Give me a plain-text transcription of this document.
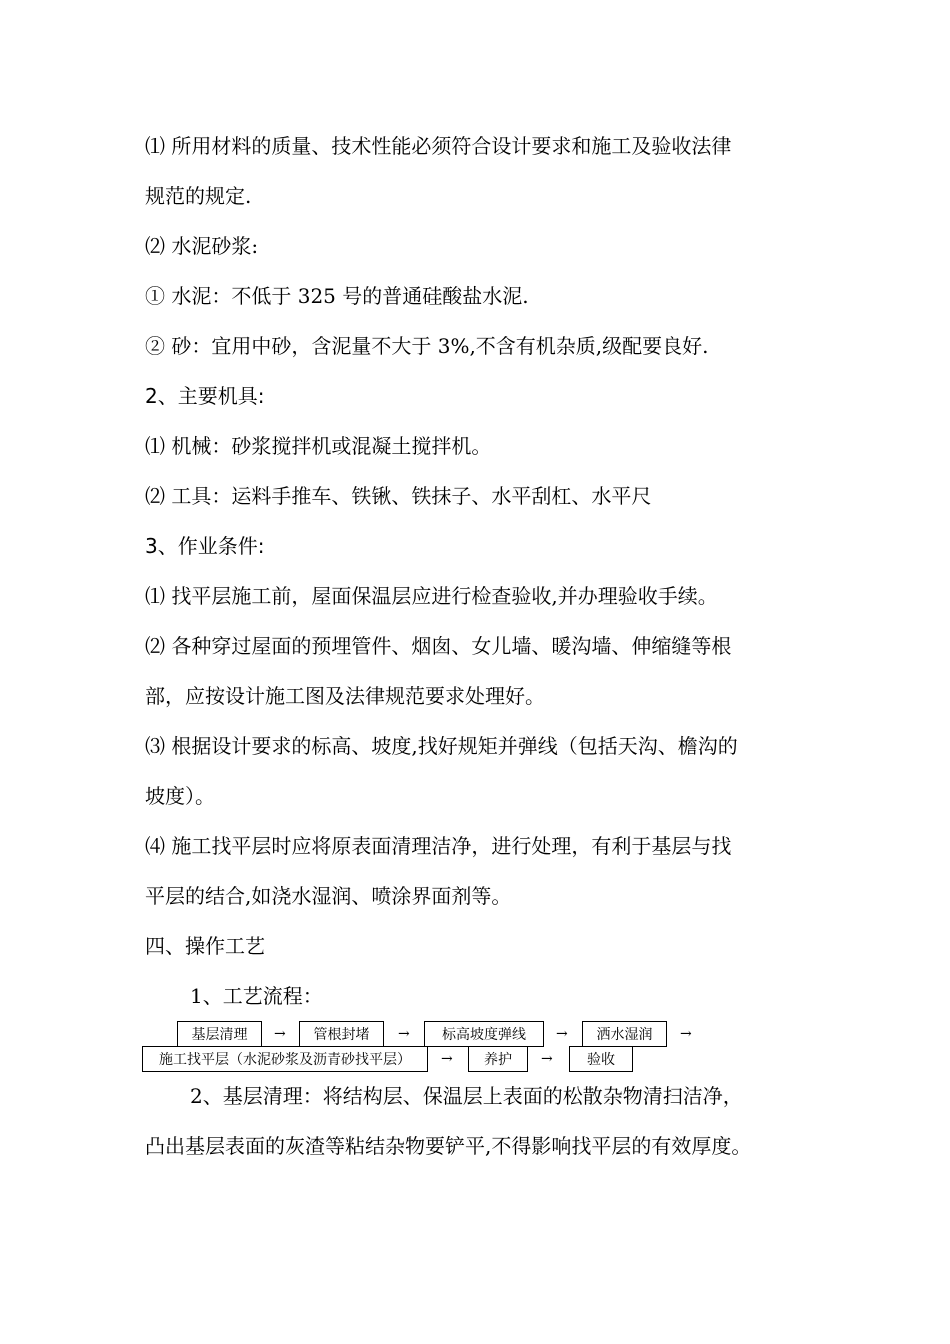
⑴ 所用材料的质量、技术性能必须符合设计要求和施工及验收法律
规范的规定.
⑵ 水泥砂浆:
① 水泥：不低于 325 号的普通硅酸盐水泥.
② 砂：宜用中砂，含泥量不大于 3%,不含有机杂质,级配要良好.
2、主要机具:
⑴ 机械：砂浆搅拌机或混凝土搅拌机。
⑵ 工具：运料手推车、铁锹、铁抹子、水平刮杠、水平尺
3、作业条件:
⑴ 找平层施工前，屋面保温层应进行检查验收,并办理验收手续。
⑵ 各种穿过屋面的预埋管件、烟囱、女儿墙、暖沟墙、伸缩缝等根
部，应按设计施工图及法律规范要求处理好。
⑶ 根据设计要求的标高、坡度,找好规矩并弹线（包括天沟、檐沟的
坡度）。
⑷ 施工找平层时应将原表面清理洁净，进行处理，有利于基层与找
平层的结合,如浇水湿润、喷涂界面剂等。
四、操作工艺
1、工艺流程：
基层清理	→	管根封堵	→	标高坡度弹线	→	洒水湿润	→
施工找平层（水泥砂浆及沥青砂找平层）	→	养护	→	验收
2、基层清理：将结构层、保温层上表面的松散杂物清扫洁净，
凸出基层表面的灰渣等粘结杂物要铲平,不得影响找平层的有效厚度。
